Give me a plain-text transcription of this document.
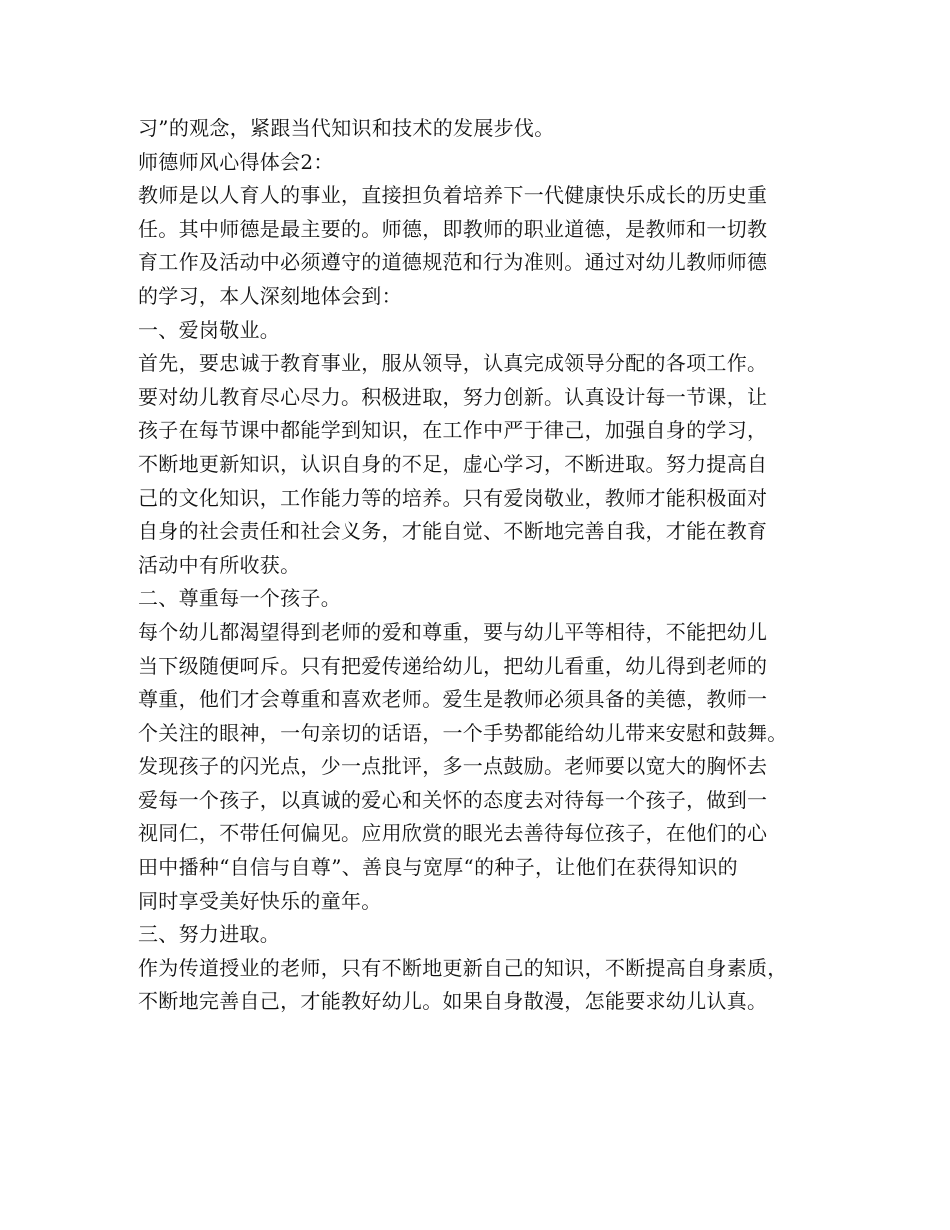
习”的观念，紧跟当代知识和技术的发展步伐。
师德师风心得体会2：
教师是以人育人的事业，直接担负着培养下一代健康快乐成长的历史重
任。其中师德是最主要的。师德，即教师的职业道德，是教师和一切教
育工作及活动中必须遵守的道德规范和行为准则。通过对幼儿教师师德
的学习，本人深刻地体会到：
一、爱岗敬业。
首先，要忠诚于教育事业，服从领导，认真完成领导分配的各项工作。
要对幼儿教育尽心尽力。积极进取，努力创新。认真设计每一节课，让
孩子在每节课中都能学到知识，在工作中严于律己，加强自身的学习，
不断地更新知识，认识自身的不足，虚心学习，不断进取。努力提高自
己的文化知识，工作能力等的培养。只有爱岗敬业，教师才能积极面对
自身的社会责任和社会义务，才能自觉、不断地完善自我，才能在教育
活动中有所收获。
二、尊重每一个孩子。
每个幼儿都渴望得到老师的爱和尊重，要与幼儿平等相待，不能把幼儿
当下级随便呵斥。只有把爱传递给幼儿，把幼儿看重，幼儿得到老师的
尊重，他们才会尊重和喜欢老师。爱生是教师必须具备的美德，教师一
个关注的眼神，一句亲切的话语，一个手势都能给幼儿带来安慰和鼓舞。
发现孩子的闪光点，少一点批评，多一点鼓励。老师要以宽大的胸怀去
爱每一个孩子，以真诚的爱心和关怀的态度去对待每一个孩子，做到一
视同仁，不带任何偏见。应用欣赏的眼光去善待每位孩子，在他们的心
田中播种“自信与自尊”、善良与宽厚“的种子，让他们在获得知识的
同时享受美好快乐的童年。
三、努力进取。
作为传道授业的老师，只有不断地更新自己的知识，不断提高自身素质，
不断地完善自己，才能教好幼儿。如果自身散漫，怎能要求幼儿认真。
